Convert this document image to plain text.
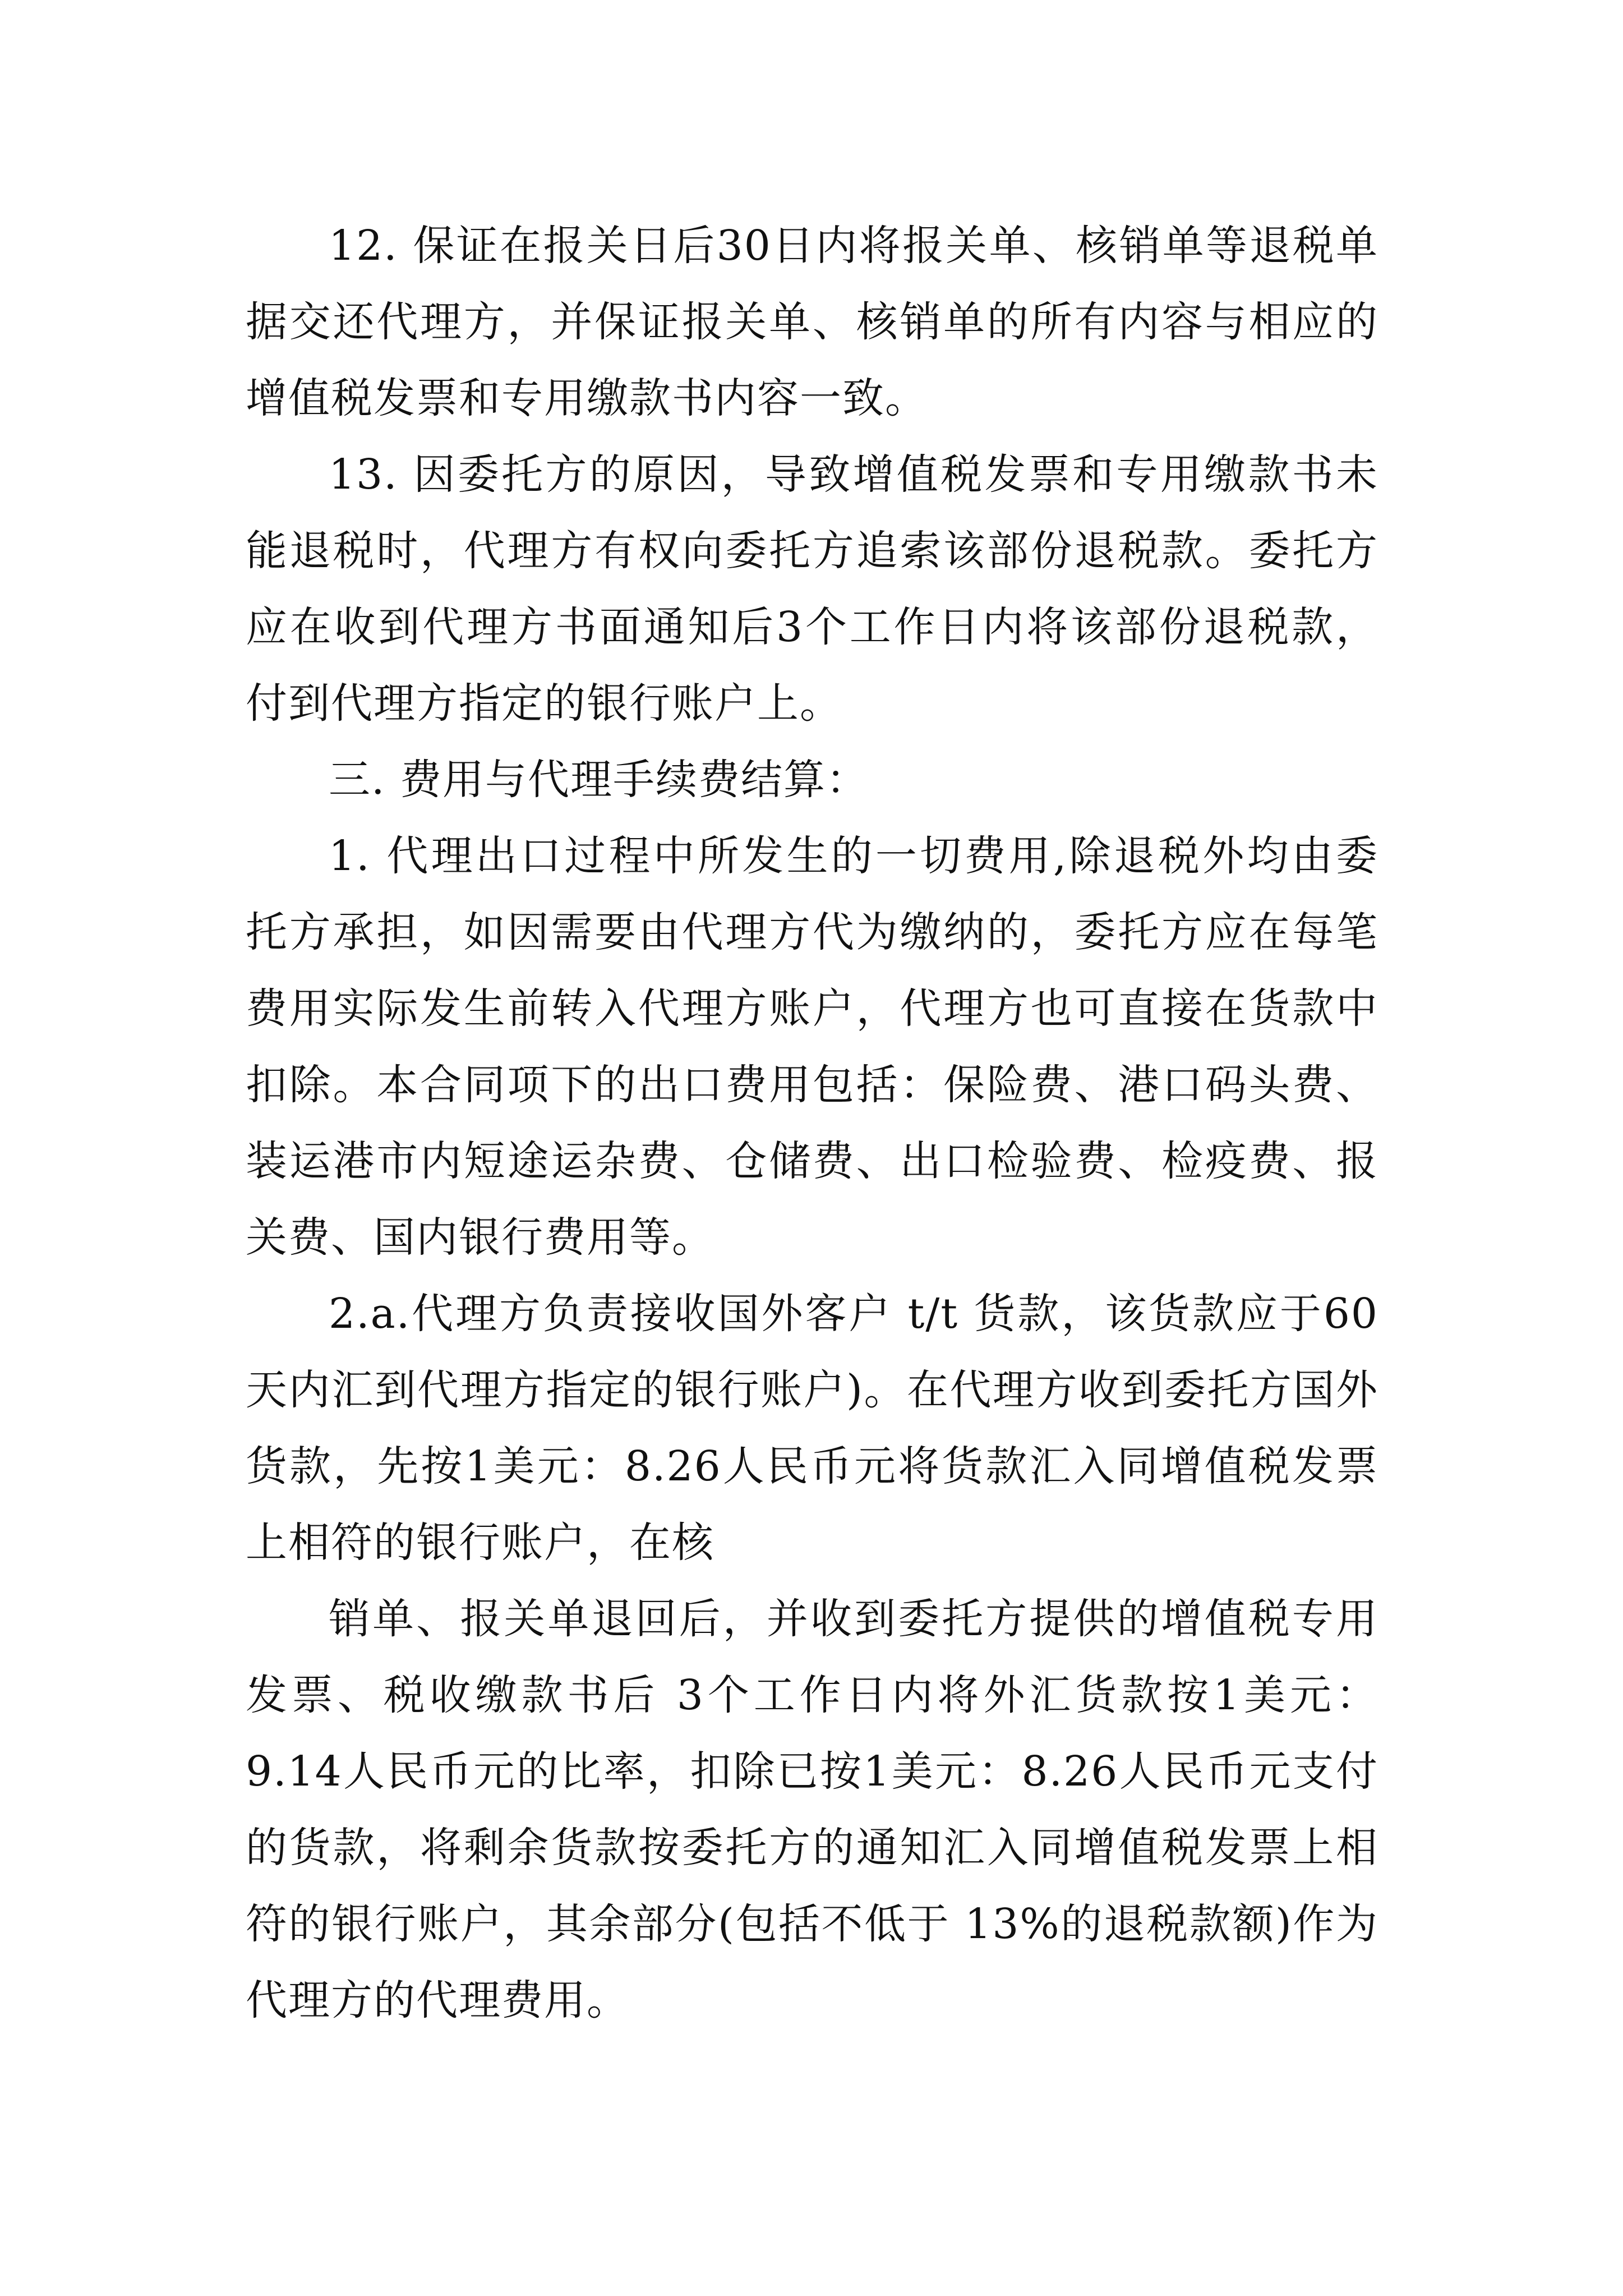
12. 保证在报关日后30日内将报关单、核销单等退税单据交还代理方，并保证报关单、核销单的所有内容与相应的增值税发票和专用缴款书内容一致。

13. 因委托方的原因，导致增值税发票和专用缴款书未能退税时，代理方有权向委托方追索该部份退税款。委托方应在收到代理方书面通知后3个工作日内将该部份退税款，付到代理方指定的银行账户上。

三. 费用与代理手续费结算：

1. 代理出口过程中所发生的一切费用,除退税外均由委托方承担，如因需要由代理方代为缴纳的，委托方应在每笔费用实际发生前转入代理方账户，代理方也可直接在货款中扣除。本合同项下的出口费用包括：保险费、港口码头费、装运港市内短途运杂费、仓储费、出口检验费、检疫费、报关费、国内银行费用等。

2.a.代理方负责接收国外客户 t/t 货款，该货款应于60天内汇到代理方指定的银行账户)。在代理方收到委托方国外货款，先按1美元：8.26人民币元将货款汇入同增值税发票上相符的银行账户，在核

销单、报关单退回后，并收到委托方提供的增值税专用发票、税收缴款书后 3个工作日内将外汇货款按1美元：9.14人民币元的比率，扣除已按1美元：8.26人民币元支付的货款，将剩余货款按委托方的通知汇入同增值税发票上相符的银行账户，其余部分(包括不低于 13%的退税款额)作为代理方的代理费用。
